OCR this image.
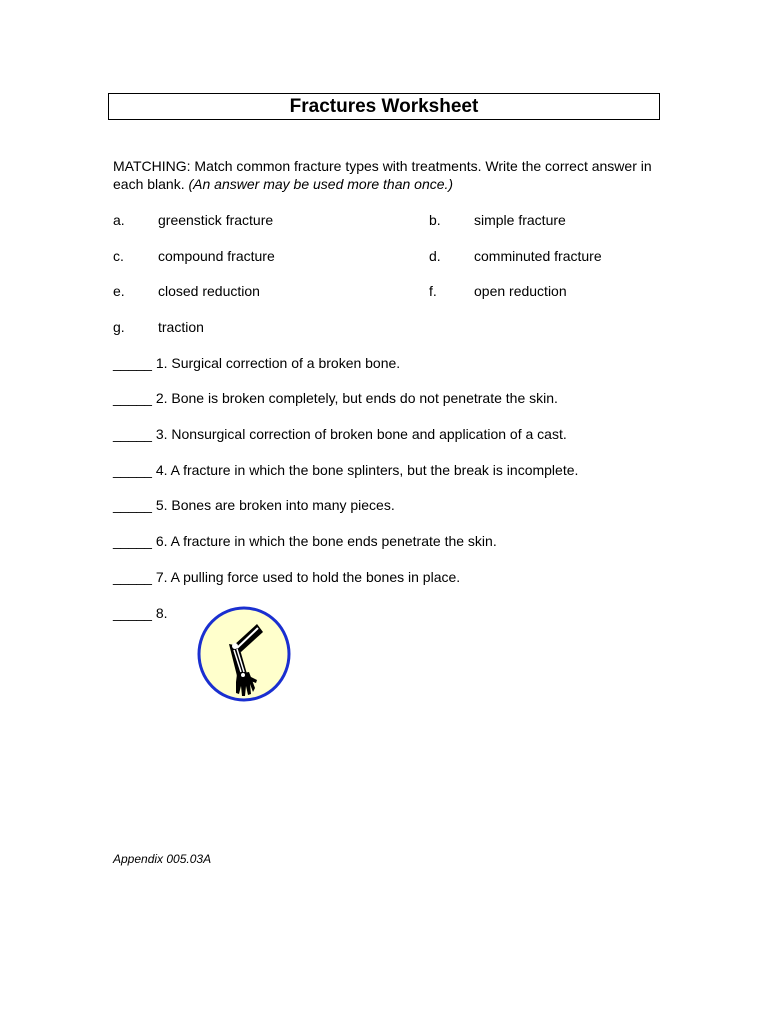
Fractures Worksheet
MATCHING: Match common fracture types with treatments. Write the correct answer in each blank. (An answer may be used more than once.)
a. greenstick fracture	b. simple fracture
c. compound fracture	d. comminuted fracture
e. closed reduction	f.	open reduction
g. traction
_____ 1. Surgical correction of a broken bone.
_____ 2. Bone is broken completely, but ends do not penetrate the skin.
_____ 3. Nonsurgical correction of broken bone and application of a cast.
_____ 4. A fracture in which the bone splinters, but the break is incomplete.
_____ 5. Bones are broken into many pieces.
_____ 6. A fracture in which the bone ends penetrate the skin.
_____ 7. A pulling force used to hold the bones in place.
_____ 8.
Appendix 005.03A
